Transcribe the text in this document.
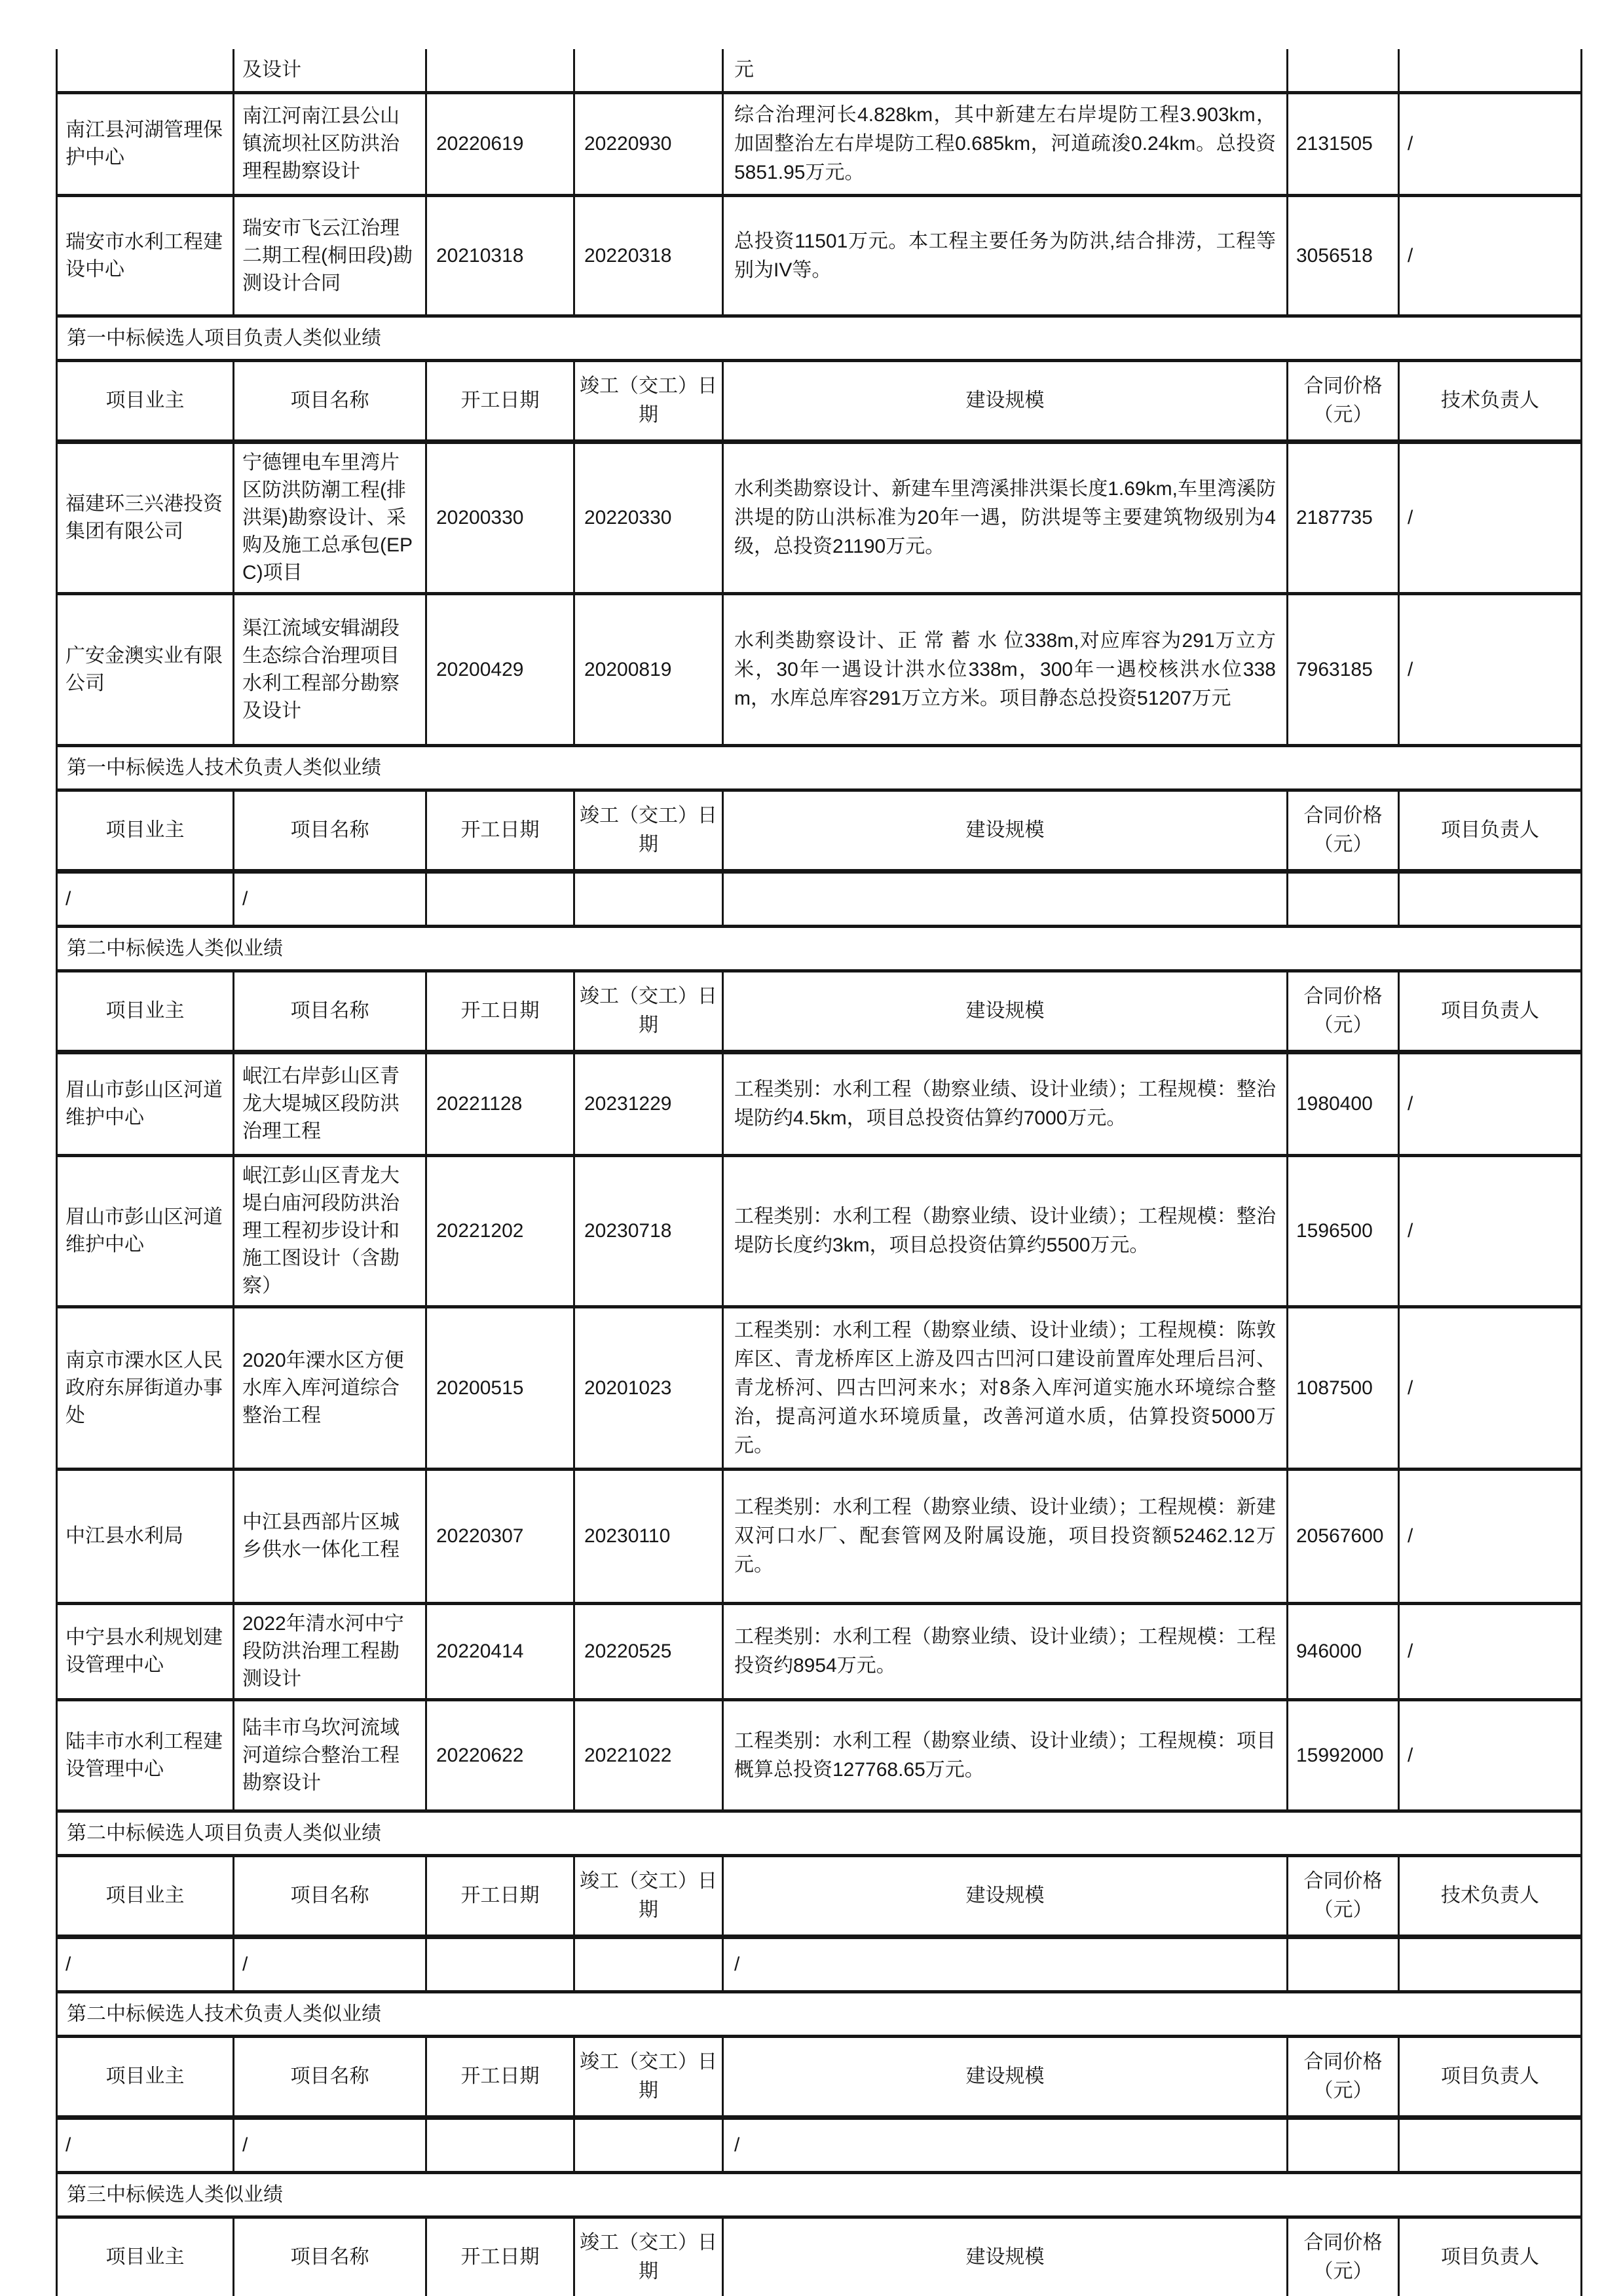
	及设计			元		
南江县河湖管理保护中心	南江河南江县公山镇流坝社区防洪治理程勘察设计	20220619	20220930	综合治理河长4.828km，其中新建左右岸堤防工程3.903km，加固整治左右岸堤防工程0.685km，河道疏浚0.24km。总投资5851.95万元。	2131505	/
瑞安市水利工程建设中心	瑞安市飞云江治理二期工程(桐田段)勘测设计合同	20210318	20220318	总投资11501万元。本工程主要任务为防洪,结合排涝，工程等别为IV等。	3056518	/
第一中标候选人项目负责人类似业绩						
项目业主	项目名称	开工日期	竣工（交工）日期	建设规模	合同价格（元）	技术负责人
福建环三兴港投资集团有限公司	宁德锂电车里湾片区防洪防潮工程(排洪渠)勘察设计、采购及施工总承包(EPC)项目	20200330	20220330	水利类勘察设计、新建车里湾溪排洪渠长度1.69km,车里湾溪防洪堤的防山洪标准为20年一遇，防洪堤等主要建筑物级别为4级，总投资21190万元。	2187735	/
广安金澳实业有限公司	渠江流域安辑湖段生态综合治理项目水利工程部分勘察及设计	20200429	20200819	水利类勘察设计、正 常 蓄 水 位338m,对应库容为291万立方米，30年一遇设计洪水位338m，300年一遇校核洪水位338m，水库总库容291万立方米。项目静态总投资51207万元	7963185	/
第一中标候选人技术负责人类似业绩						
项目业主	项目名称	开工日期	竣工（交工）日期	建设规模	合同价格（元）	项目负责人
/	/					
第二中标候选人类似业绩						
项目业主	项目名称	开工日期	竣工（交工）日期	建设规模	合同价格（元）	项目负责人
眉山市彭山区河道维护中心	岷江右岸彭山区青龙大堤城区段防洪治理工程	20221128	20231229	工程类别：水利工程（勘察业绩、设计业绩）；工程规模：整治堤防约4.5km，项目总投资估算约7000万元。	1980400	/
眉山市彭山区河道维护中心	岷江彭山区青龙大堤白庙河段防洪治理工程初步设计和施工图设计（含勘察）	20221202	20230718	工程类别：水利工程（勘察业绩、设计业绩）；工程规模：整治堤防长度约3km，项目总投资估算约5500万元。	1596500	/
南京市溧水区人民政府东屏街道办事处	2020年溧水区方便水库入库河道综合整治工程	20200515	20201023	工程类别：水利工程（勘察业绩、设计业绩）；工程规模：陈敦库区、青龙桥库区上游及四古凹河口建设前置库处理后吕河、青龙桥河、四古凹河来水；对8条入库河道实施水环境综合整治，提高河道水环境质量，改善河道水质，估算投资5000万元。	1087500	/
中江县水利局	中江县西部片区城乡供水一体化工程	20220307	20230110	工程类别：水利工程（勘察业绩、设计业绩）；工程规模：新建双河口水厂、配套管网及附属设施，项目投资额52462.12万元。	20567600	/
中宁县水利规划建设管理中心	2022年清水河中宁段防洪治理工程勘测设计	20220414	20220525	工程类别：水利工程（勘察业绩、设计业绩）；工程规模：工程投资约8954万元。	946000	/
陆丰市水利工程建设管理中心	陆丰市乌坎河流域河道综合整治工程勘察设计	20220622	20221022	工程类别：水利工程（勘察业绩、设计业绩）；工程规模：项目概算总投资127768.65万元。	15992000	/
第二中标候选人项目负责人类似业绩						
项目业主	项目名称	开工日期	竣工（交工）日期	建设规模	合同价格（元）	技术负责人
/	/			/		
第二中标候选人技术负责人类似业绩						
项目业主	项目名称	开工日期	竣工（交工）日期	建设规模	合同价格（元）	项目负责人
/	/			/		
第三中标候选人类似业绩						
项目业主	项目名称	开工日期	竣工（交工）日期	建设规模	合同价格（元）	项目负责人
